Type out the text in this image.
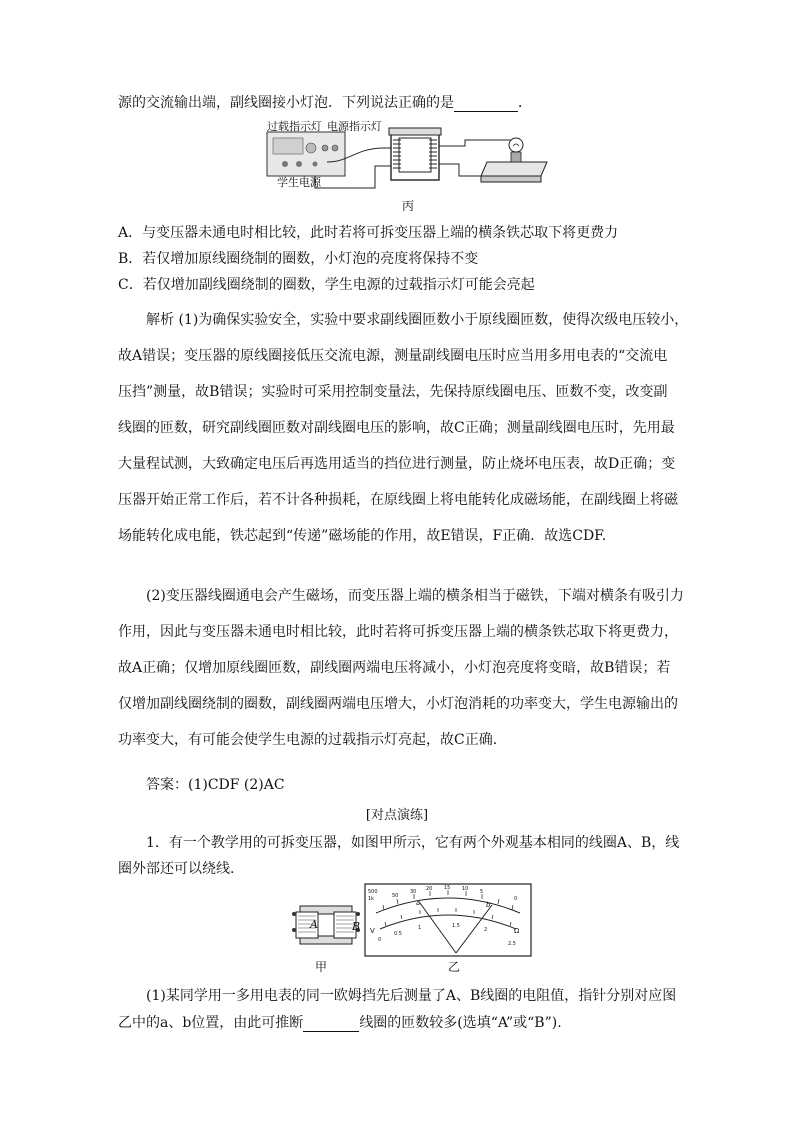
源的交流输出端，副线圈接小灯泡．下列说法正确的是	．
过载指示灯 电源指示灯
学生电源
丙
A．与变压器未通电时相比较，此时若将可拆变压器上端的横条铁芯取下将更费力
B．若仅增加原线圈绕制的圈数，小灯泡的亮度将保持不变
C．若仅增加副线圈绕制的圈数，学生电源的过载指示灯可能会亮起
解析 (1)为确保实验安全，实验中要求副线圈匝数小于原线圈匝数，使得次级电压较小，
故A错误；变压器的原线圈接低压交流电源，测量副线圈电压时应当用多用电表的“交流电
压挡”测量，故B错误；实验时可采用控制变量法，先保持原线圈电压、匝数不变，改变副
线圈的匝数，研究副线圈匝数对副线圈电压的影响，故C正确；测量副线圈电压时，先用最
大量程试测，大致确定电压后再选用适当的挡位进行测量，防止烧坏电压表，故D正确；变
压器开始正常工作后，若不计各种损耗，在原线圈上将电能转化成磁场能，在副线圈上将磁
场能转化成电能，铁芯起到“传递”磁场能的作用，故E错误，F正确．故选CDF.
(2)变压器线圈通电会产生磁场，而变压器上端的横条相当于磁铁，下端对横条有吸引力
作用，因此与变压器未通电时相比较，此时若将可拆变压器上端的横条铁芯取下将更费力，
故A正确；仅增加原线圈匝数，副线圈两端电压将减小，小灯泡亮度将变暗，故B错误；若
仅增加副线圈绕制的圈数，副线圈两端电压增大，小灯泡消耗的功率变大，学生电源输出的
功率变大，有可能会使学生电源的过载指示灯亮起，故C正确.
答案：(1)CDF (2)AC
[对点演练]
1．有一个教学用的可拆变压器，如图甲所示，它有两个外观基本相同的线圈A、B，线
圈外部还可以绕线.
A	B
甲
500
1k	50
30 20 15 10 5
0
0
0.5
1	1.5
2
2.5
V	Ω
a	b
乙
(1)某同学用一多用电表的同一欧姆挡先后测量了A、B线圈的电阻值，指针分别对应图
乙中的a、b位置，由此可推断	线圈的匝数较多(选填“A”或“B”).
